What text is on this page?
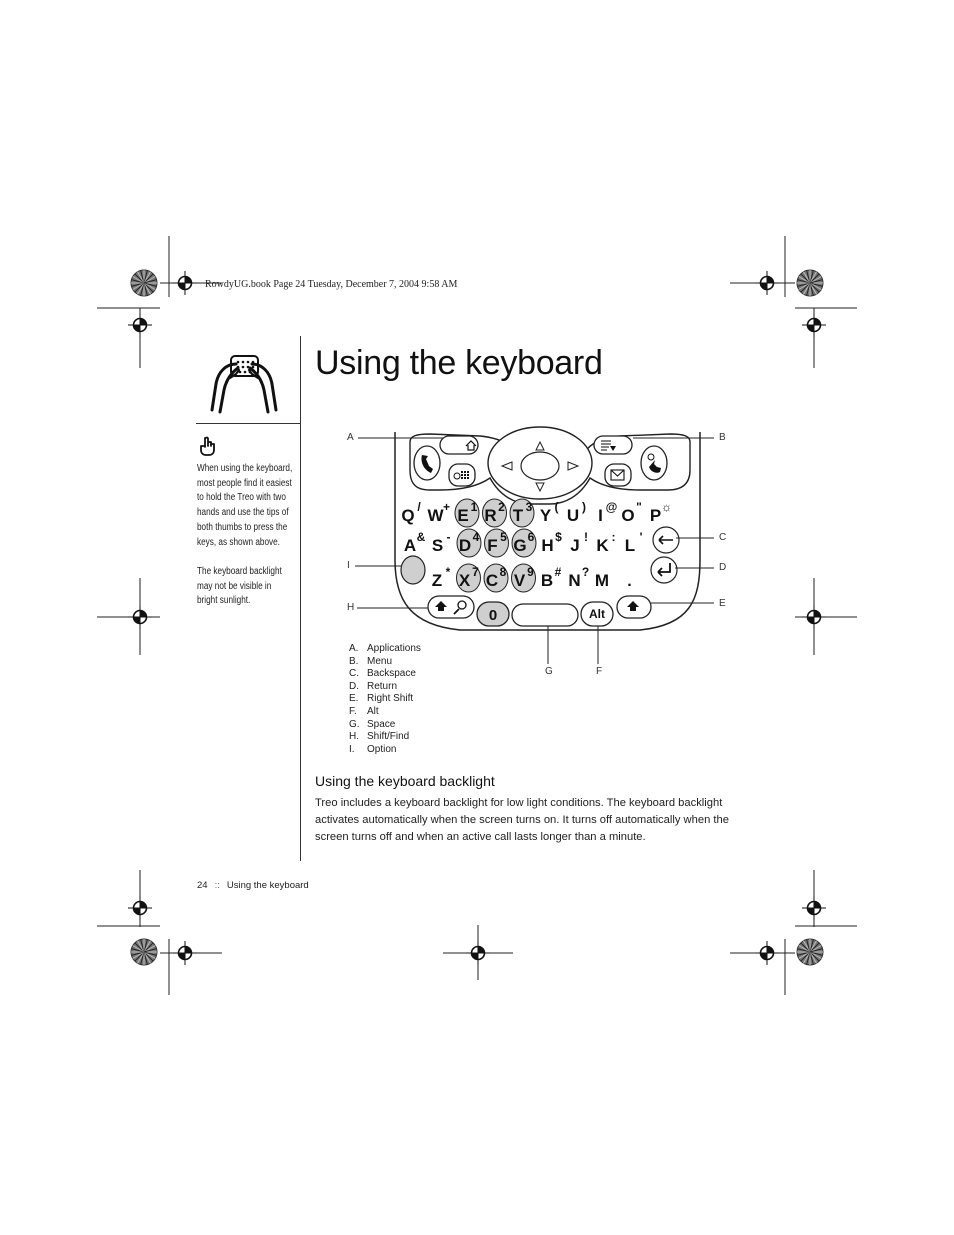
RowdyUG.book Page 24 Tuesday, December 7, 2004 9:58 AM

When using the keyboard, most people find it easiest to hold the Treo with two hands and use the tips of both thumbs to press the keys, as shown above.

The keyboard backlight may not be visible in bright sunlight.

Using the keyboard
Q / W + E 1 R 2 T 3 Y ( U ) I @ O " P ☼
A & S - D 4 F 5 G 6 H $ J ! K : L '
Z * X 7 C 8 V 9 B # N ? M .
0	Alt
A	B
C
D
E
F
G
H
I
A. Applications
B. Menu
C. Backspace
D. Return
E. Right Shift
F.	Alt
G. Space
H. Shift/Find
I.	Option
Using the keyboard backlight
Treo includes a keyboard backlight for low light conditions. The keyboard backlight activates automatically when the screen turns on. It turns off automatically when the screen turns off and when an active call lasts longer than a minute.
24 :: Using the keyboard
